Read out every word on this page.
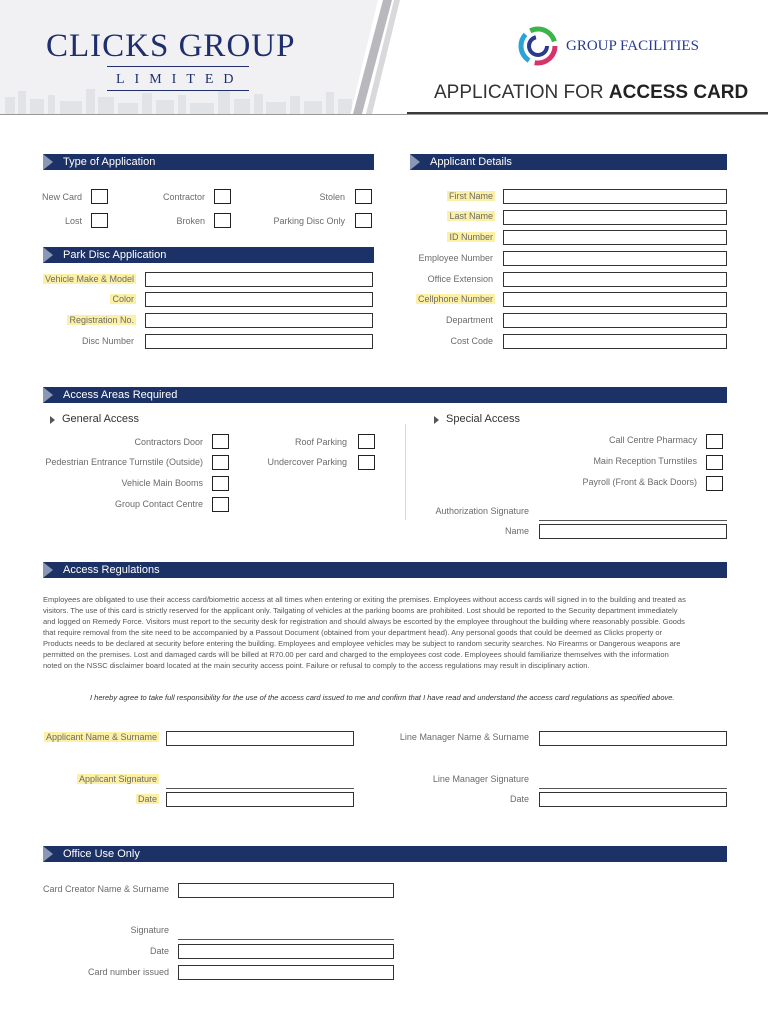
CLICKS GROUP
LIMITED
GROUP FACILITIES
APPLICATION FOR ACCESS CARD
Type of Application
New Card	Contractor	Stolen
Lost	Broken	Parking Disc Only
Park Disc Application
Vehicle Make & Model
Color
Registration No.
Disc Number
Applicant Details
First Name
Last Name
ID Number
Employee Number
Office Extension
Cellphone Number
Department
Cost Code
Access Areas Required
General Access
Contractors Door
Pedestrian Entrance Turnstile (Outside)
Vehicle Main Booms
Group Contact Centre
Roof Parking
Undercover Parking
Special Access
Call Centre Pharmacy
Main Reception Turnstiles
Payroll (Front & Back Doors)
Authorization Signature
Name
Access Regulations
Employees are obligated to use their access card/biometric access at all times when entering or exiting the premises. Employees without access cards will signed in to the building and treated as
visitors. The use of this card is strictly reserved for the applicant only. Tailgating of vehicles at the parking booms are prohibited. Lost should be reported to the Security department immediately
and logged on Remedy Force. Visitors must report to the security desk for registration and should always be escorted by the employee throughout the building where reasonably possible. Goods
that require removal from the site need to be accompanied by a Passout Document (obtained from your department head). Any personal goods that could be deemed as Clicks property or
Products needs to be declared at security before entering the building. Employees and employee vehicles may be subject to random security searches. No Firearms or Dangerous weapons are
permitted on the premises. Lost and damaged cards will be billed at R70.00 per card and charged to the employees cost code. Employees should familiarize themselves with the information
noted on the NSSC disclaimer board located at the main security access point. Failure or refusal to comply to the access regulations may result in disciplinary action.
I hereby agree to take full responsibility for the use of the access card issued to me and confirm that I have read and understand the access card regulations as specified above.
Applicant Name & Surname
Applicant Signature
Date
Line Manager Name & Surname
Line Manager Signature
Date
Office Use Only
Card Creator Name & Surname
Signature
Date
Card number issued
